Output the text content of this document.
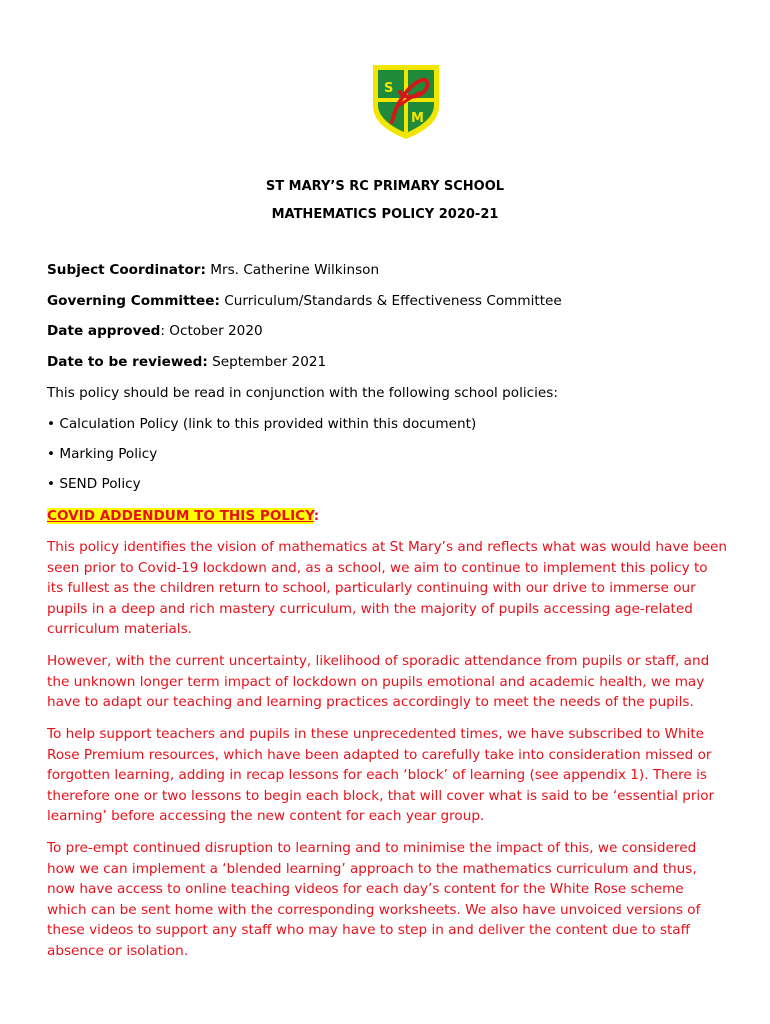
S
M
ST MARY’S RC PRIMARY SCHOOL
MATHEMATICS POLICY 2020-21
Subject Coordinator: Mrs. Catherine Wilkinson
Governing Committee: Curriculum/Standards & Effectiveness Committee
Date approved: October 2020
Date to be reviewed: September 2021
This policy should be read in conjunction with the following school policies:
• Calculation Policy (link to this provided within this document)
• Marking Policy
• SEND Policy
COVID ADDENDUM TO THIS POLICY:
This policy identifies the vision of mathematics at St Mary’s and reflects what was would have been
seen prior to Covid-19 lockdown and, as a school, we aim to continue to implement this policy to
its fullest as the children return to school, particularly continuing with our drive to immerse our
pupils in a deep and rich mastery curriculum, with the majority of pupils accessing age-related
curriculum materials.
However, with the current uncertainty, likelihood of sporadic attendance from pupils or staff, and
the unknown longer term impact of lockdown on pupils emotional and academic health, we may
have to adapt our teaching and learning practices accordingly to meet the needs of the pupils.
To help support teachers and pupils in these unprecedented times, we have subscribed to White
Rose Premium resources, which have been adapted to carefully take into consideration missed or
forgotten learning, adding in recap lessons for each ‘block’ of learning (see appendix 1). There is
therefore one or two lessons to begin each block, that will cover what is said to be ‘essential prior
learning’ before accessing the new content for each year group.
To pre-empt continued disruption to learning and to minimise the impact of this, we considered
how we can implement a ‘blended learning’ approach to the mathematics curriculum and thus,
now have access to online teaching videos for each day’s content for the White Rose scheme
which can be sent home with the corresponding worksheets. We also have unvoiced versions of
these videos to support any staff who may have to step in and deliver the content due to staff
absence or isolation.
